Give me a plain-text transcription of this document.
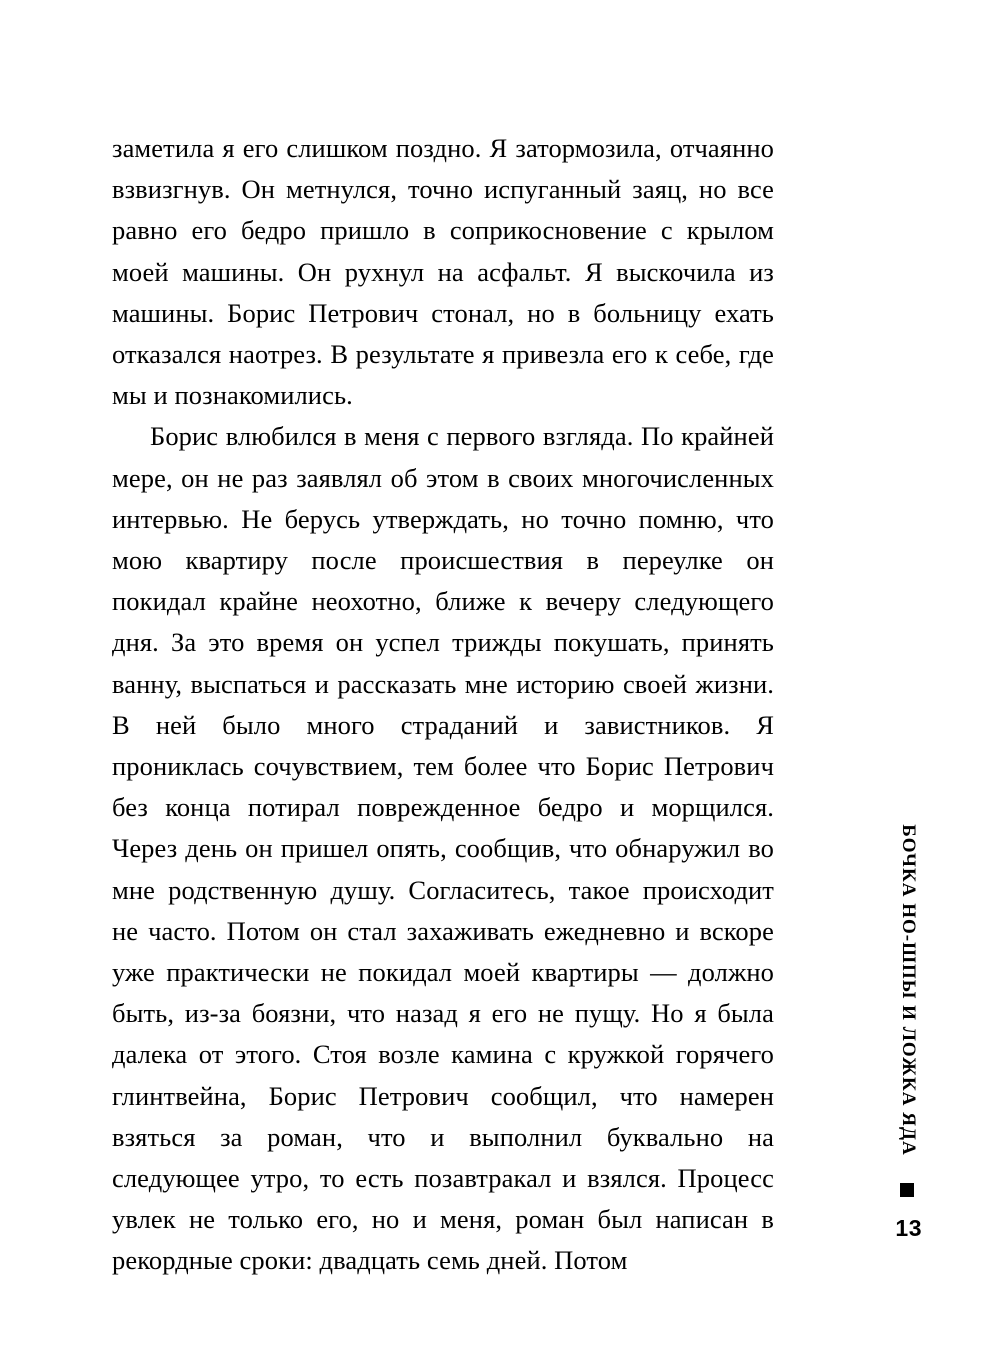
заметила я его слишком поздно. Я затормозила, отчаянно взвизгнув. Он метнулся, точно испуганный заяц, но все равно его бедро пришло в соприкосновение с крылом моей машины. Он рухнул на асфальт. Я выскочила из машины. Борис Петрович стонал, но в больницу ехать отказался наотрез. В результате я привезла его к себе, где мы и познакомились.

Борис влюбился в меня с первого взгляда. По крайней мере, он не раз заявлял об этом в своих многочисленных интервью. Не берусь утверждать, но точно помню, что мою квартиру после происшествия в переулке он покидал крайне неохотно, ближе к вечеру следующего дня. За это время он успел трижды покушать, принять ванну, выспаться и рассказать мне историю своей жизни. В ней было много страданий и завистников. Я прониклась сочувствием, тем более что Борис Петрович без конца потирал поврежденное бедро и морщился. Через день он пришел опять, сообщив, что обнаружил во мне родственную душу. Согласитесь, такое происходит не часто. Потом он стал захаживать ежедневно и вскоре уже практически не покидал моей квартиры — должно быть, из-за боязни, что назад я его не пущу. Но я была далека от этого. Стоя возле камина с кружкой горячего глинтвейна, Борис Петрович сообщил, что намерен взяться за роман, что и выполнил буквально на следующее утро, то есть позавтракал и взялся. Процесс увлек не только его, но и меня, роман был написан в рекордные сроки: двадцать семь дней. Потом

БОЧКА НО-ШПЫ И ЛОЖКА ЯДА
13
